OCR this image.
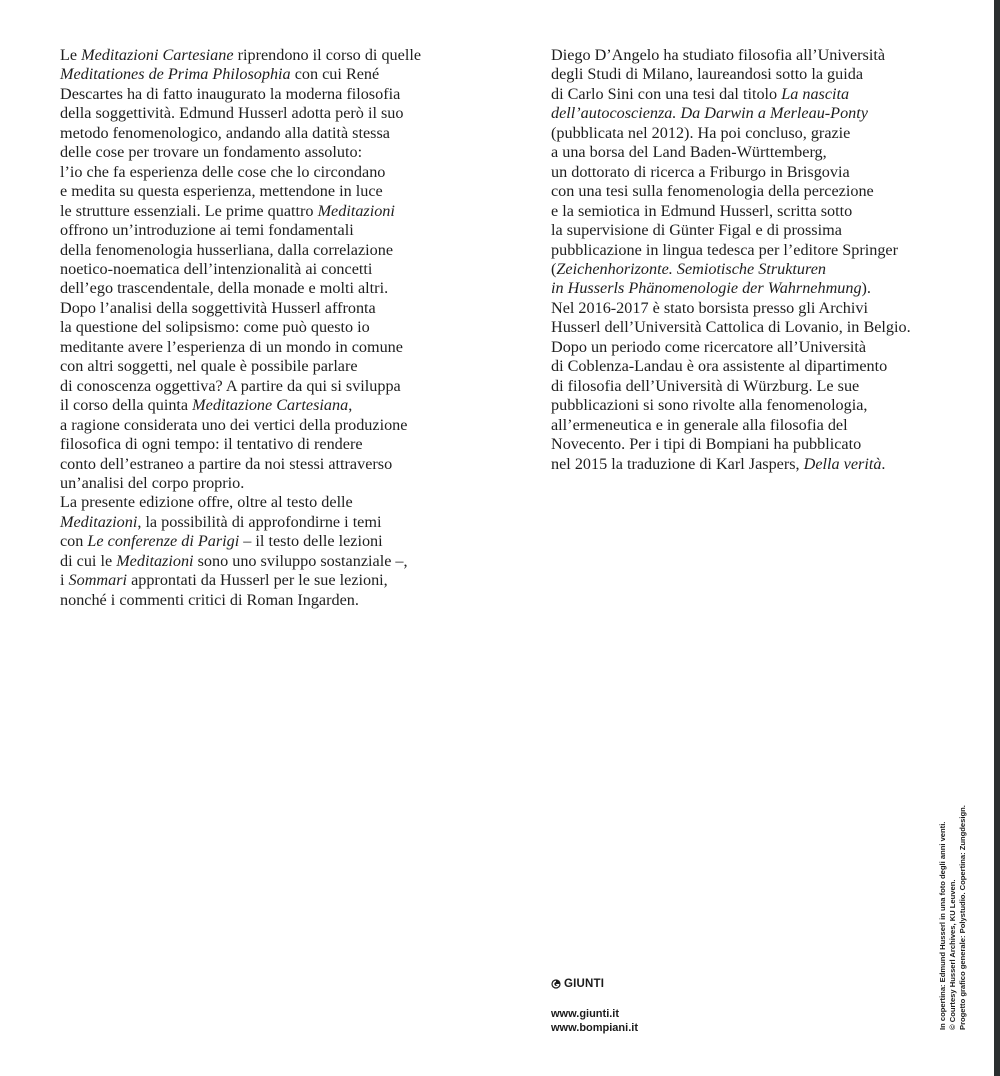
Le Meditazioni Cartesiane riprendono il corso di quelle
Meditationes de Prima Philosophia con cui René
Descartes ha di fatto inaugurato la moderna filosofia
della soggettività. Edmund Husserl adotta però il suo
metodo fenomenologico, andando alla datità stessa
delle cose per trovare un fondamento assoluto:
l’io che fa esperienza delle cose che lo circondano
e medita su questa esperienza, mettendone in luce
le strutture essenziali. Le prime quattro Meditazioni
offrono un’introduzione ai temi fondamentali
della fenomenologia husserliana, dalla correlazione
noetico-noematica dell’intenzionalità ai concetti
dell’ego trascendentale, della monade e molti altri.
Dopo l’analisi della soggettività Husserl affronta
la questione del solipsismo: come può questo io
meditante avere l’esperienza di un mondo in comune
con altri soggetti, nel quale è possibile parlare
di conoscenza oggettiva? A partire da qui si sviluppa
il corso della quinta Meditazione Cartesiana,
a ragione considerata uno dei vertici della produzione
filosofica di ogni tempo: il tentativo di rendere
conto dell’estraneo a partire da noi stessi attraverso
un’analisi del corpo proprio.
La presente edizione offre, oltre al testo delle
Meditazioni, la possibilità di approfondirne i temi
con Le conferenze di Parigi – il testo delle lezioni
di cui le Meditazioni sono uno sviluppo sostanziale –,
i Sommari approntati da Husserl per le sue lezioni,
nonché i commenti critici di Roman Ingarden.
Diego D’Angelo ha studiato filosofia all’Università
degli Studi di Milano, laureandosi sotto la guida
di Carlo Sini con una tesi dal titolo La nascita
dell’autocoscienza. Da Darwin a Merleau-Ponty
(pubblicata nel 2012). Ha poi concluso, grazie
a una borsa del Land Baden-Württemberg,
un dottorato di ricerca a Friburgo in Brisgovia
con una tesi sulla fenomenologia della percezione
e la semiotica in Edmund Husserl, scritta sotto
la supervisione di Günter Figal e di prossima
pubblicazione in lingua tedesca per l’editore Springer
(Zeichenhorizonte. Semiotische Strukturen
in Husserls Phänomenologie der Wahrnehmung).
Nel 2016-2017 è stato borsista presso gli Archivi
Husserl dell’Università Cattolica di Lovanio, in Belgio.
Dopo un periodo come ricercatore all’Università
di Coblenza-Landau è ora assistente al dipartimento
di filosofia dell’Università di Würzburg. Le sue
pubblicazioni si sono rivolte alla fenomenologia,
all’ermeneutica e in generale alla filosofia del
Novecento. Per i tipi di Bompiani ha pubblicato
nel 2015 la traduzione di Karl Jaspers, Della verità.
GIUNTI
www.giunti.it
www.bompiani.it	In copertina: Edmund Husserl in una foto degli anni venti. © Courtesy Husserl Archives, KU Leuven. Progetto grafico generale: Polystudio. Copertina: Zungdesign.
